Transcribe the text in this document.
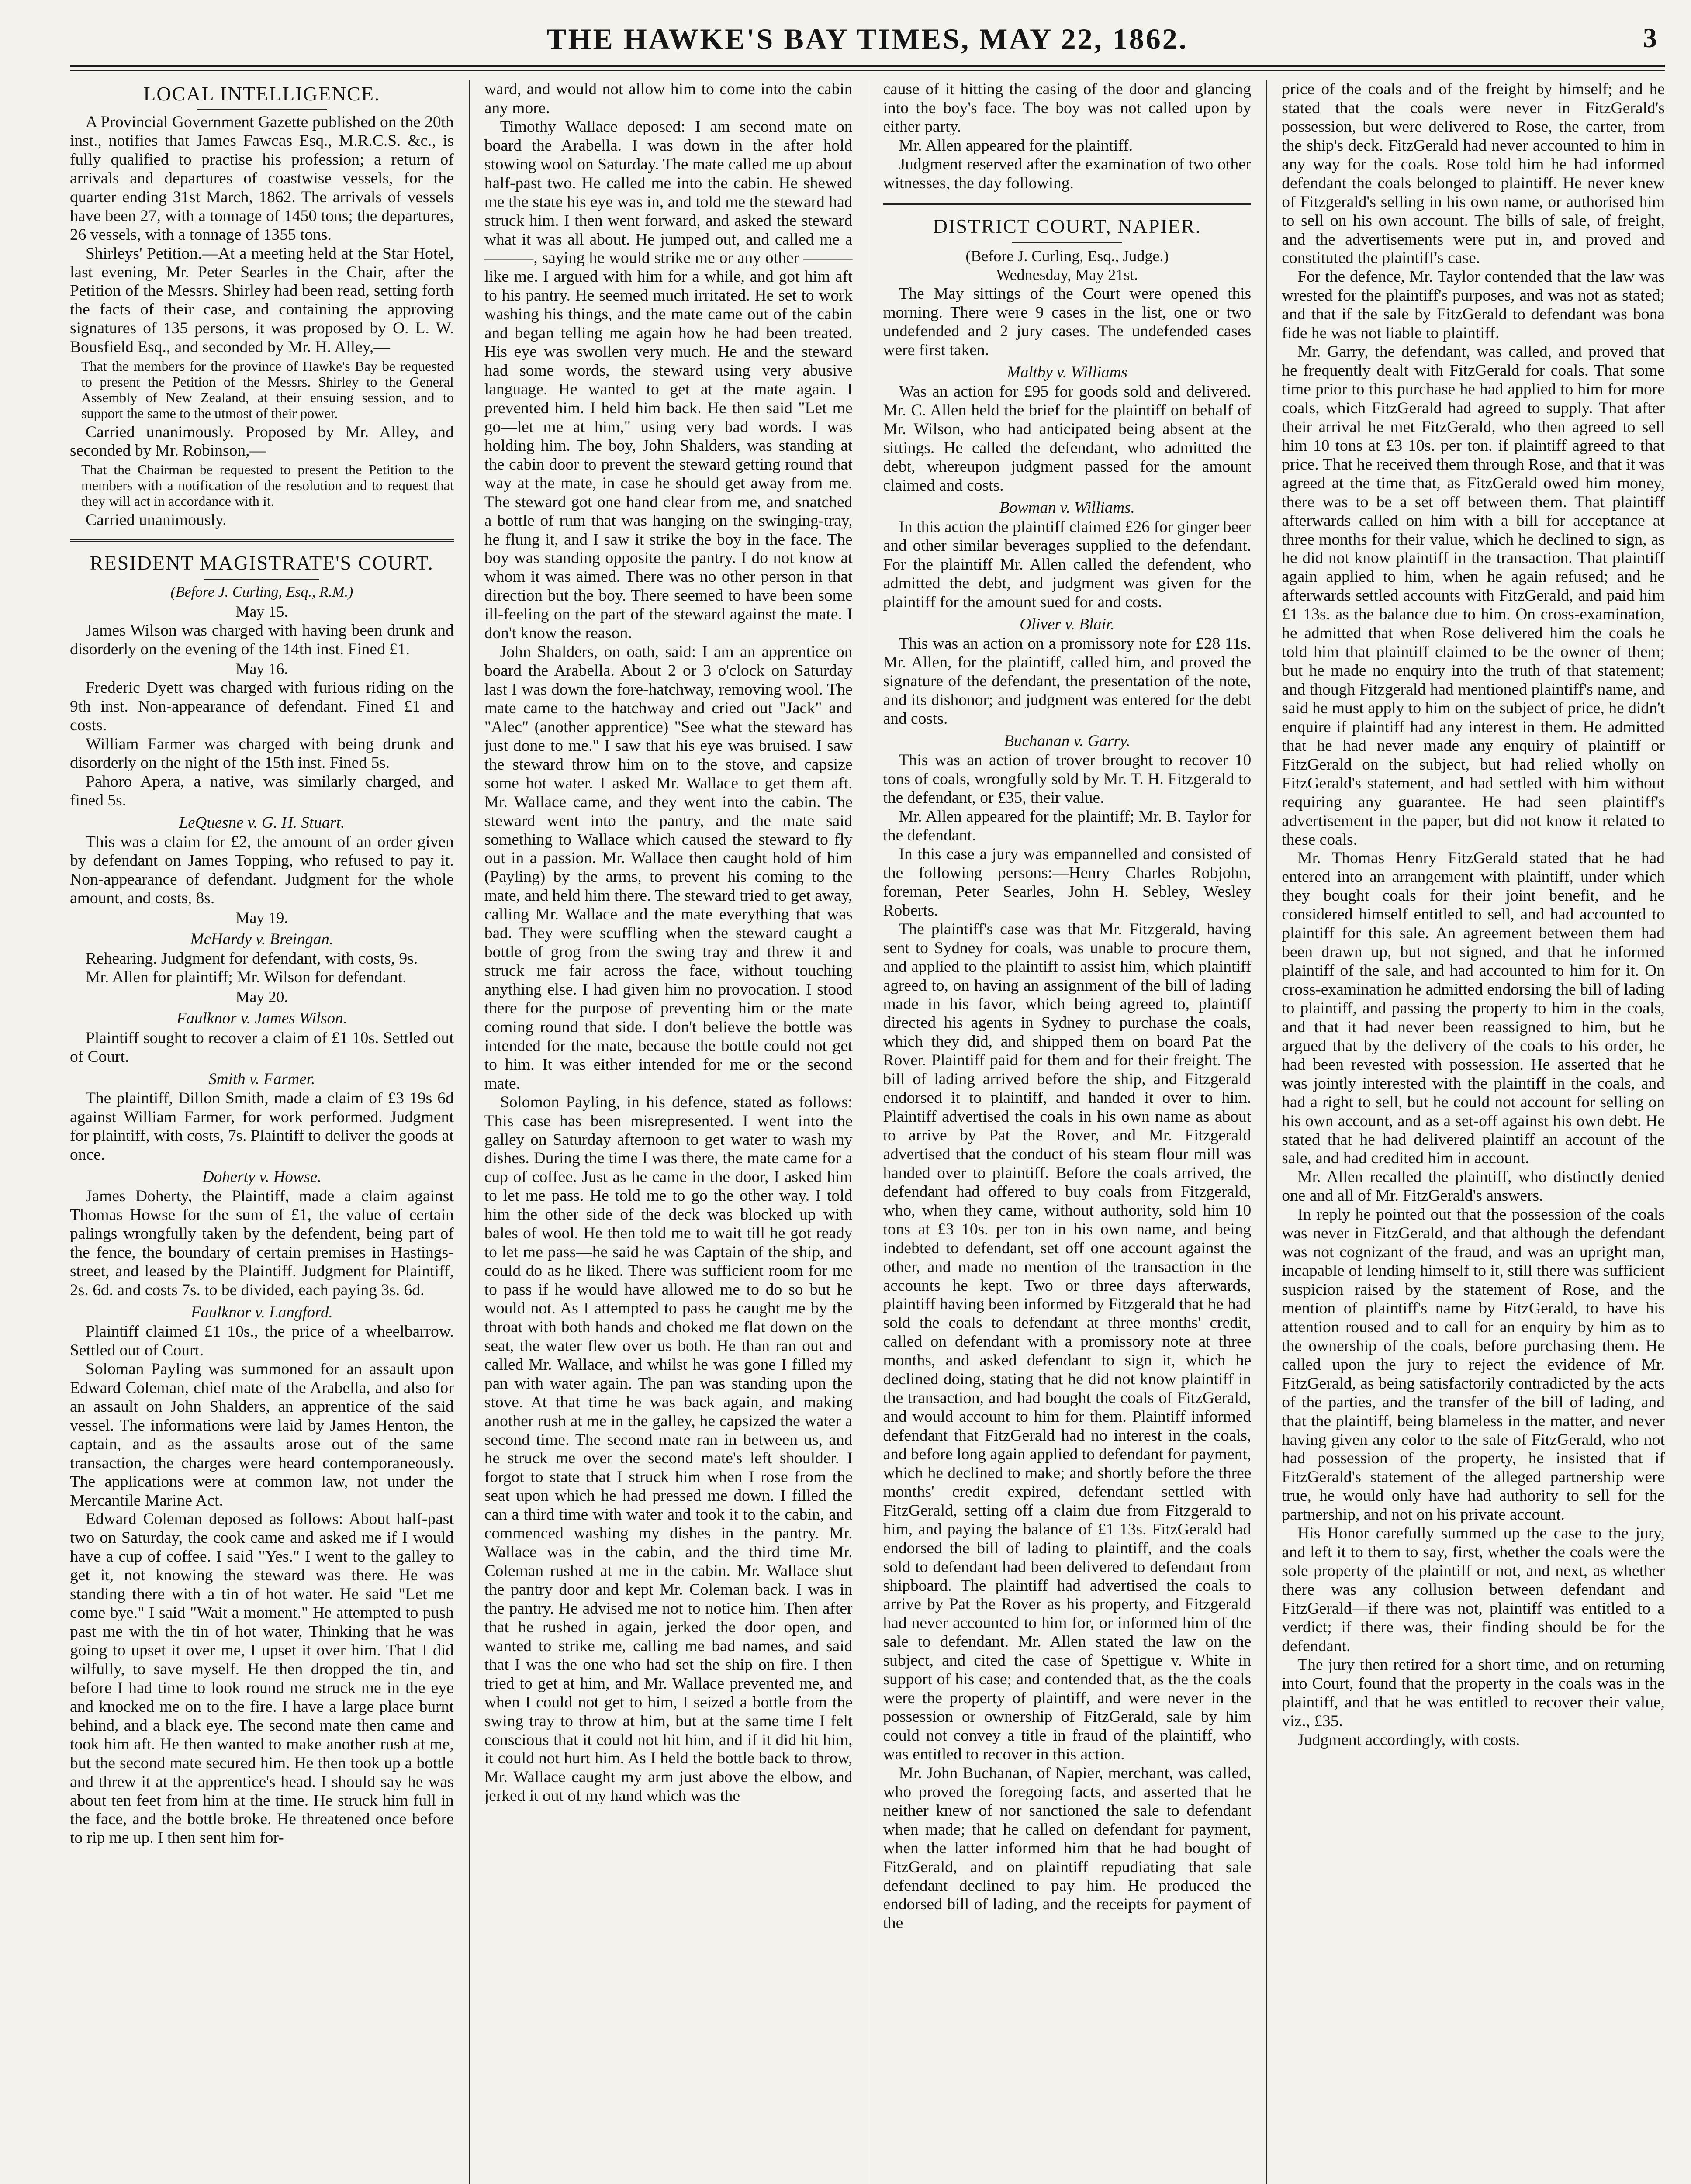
THE HAWKE'S BAY TIMES, MAY 22, 1862.	3
LOCAL INTELLIGENCE.

A Provincial Government Gazette published on the 20th inst., notifies that James Fawcas Esq., M.R.C.S. &c., is fully qualified to practise his profession; a return of arrivals and departures of coastwise vessels, for the quarter ending 31st March, 1862. The arrivals of vessels have been 27, with a tonnage of 1450 tons; the departures, 26 vessels, with a tonnage of 1355 tons.

Shirleys' Petition.—At a meeting held at the Star Hotel, last evening, Mr. Peter Searles in the Chair, after the Petition of the Messrs. Shirley had been read, setting forth the facts of their case, and containing the approving signatures of 135 persons, it was proposed by O. L. W. Bousfield Esq., and seconded by Mr. H. Alley,—

That the members for the province of Hawke's Bay be requested to present the Petition of the Messrs. Shirley to the General Assembly of New Zealand, at their ensuing session, and to support the same to the utmost of their power.

Carried unanimously. Proposed by Mr. Alley, and seconded by Mr. Robinson,—

That the Chairman be requested to present the Petition to the members with a notification of the resolution and to request that they will act in accordance with it.

Carried unanimously.

RESIDENT MAGISTRATE'S COURT.

(Before J. Curling, Esq., R.M.)

May 15.

James Wilson was charged with having been drunk and disorderly on the evening of the 14th inst. Fined £1.

May 16.

Frederic Dyett was charged with furious riding on the 9th inst. Non-appearance of defendant. Fined £1 and costs.

William Farmer was charged with being drunk and disorderly on the night of the 15th inst. Fined 5s.

Pahoro Apera, a native, was similarly charged, and fined 5s.

LeQuesne v. G. H. Stuart.

This was a claim for £2, the amount of an order given by defendant on James Topping, who refused to pay it. Non-appearance of defendant. Judgment for the whole amount, and costs, 8s.

May 19.

McHardy v. Breingan.

Rehearing. Judgment for defendant, with costs, 9s.

Mr. Allen for plaintiff; Mr. Wilson for defendant.

May 20.

Faulknor v. James Wilson.

Plaintiff sought to recover a claim of £1 10s. Settled out of Court.

Smith v. Farmer.

The plaintiff, Dillon Smith, made a claim of £3 19s 6d against William Farmer, for work performed. Judgment for plaintiff, with costs, 7s. Plaintiff to deliver the goods at once.

Doherty v. Howse.

James Doherty, the Plaintiff, made a claim against Thomas Howse for the sum of £1, the value of certain palings wrongfully taken by the defendent, being part of the fence, the boundary of certain premises in Hastings-street, and leased by the Plaintiff. Judgment for Plaintiff, 2s. 6d. and costs 7s. to be divided, each paying 3s. 6d.

Faulknor v. Langford.

Plaintiff claimed £1 10s., the price of a wheelbarrow. Settled out of Court.

Soloman Payling was summoned for an assault upon Edward Coleman, chief mate of the Arabella, and also for an assault on John Shalders, an apprentice of the said vessel. The informations were laid by James Henton, the captain, and as the assaults arose out of the same transaction, the charges were heard contemporaneously. The applications were at common law, not under the Mercantile Marine Act.

Edward Coleman deposed as follows: About half-past two on Saturday, the cook came and asked me if I would have a cup of coffee. I said "Yes." I went to the galley to get it, not knowing the steward was there. He was standing there with a tin of hot water. He said "Let me come bye." I said "Wait a moment." He attempted to push past me with the tin of hot water, Thinking that he was going to upset it over me, I upset it over him. That I did wilfully, to save myself. He then dropped the tin, and before I had time to look round me struck me in the eye and knocked me on to the fire. I have a large place burnt behind, and a black eye. The second mate then came and took him aft. He then wanted to make another rush at me, but the second mate secured him. He then took up a bottle and threw it at the apprentice's head. I should say he was about ten feet from him at the time. He struck him full in the face, and the bottle broke. He threatened once before to rip me up. I then sent him for-

ward, and would not allow him to come into the cabin any more.

Timothy Wallace deposed: I am second mate on board the Arabella. I was down in the after hold stowing wool on Saturday. The mate called me up about half-past two. He called me into the cabin. He shewed me the state his eye was in, and told me the steward had struck him. I then went forward, and asked the steward what it was all about. He jumped out, and called me a ———, saying he would strike me or any other ——— like me. I argued with him for a while, and got him aft to his pantry. He seemed much irritated. He set to work washing his things, and the mate came out of the cabin and began telling me again how he had been treated. His eye was swollen very much. He and the steward had some words, the steward using very abusive language. He wanted to get at the mate again. I prevented him. I held him back. He then said "Let me go—let me at him," using very bad words. I was holding him. The boy, John Shalders, was standing at the cabin door to prevent the steward getting round that way at the mate, in case he should get away from me. The steward got one hand clear from me, and snatched a bottle of rum that was hanging on the swinging-tray, he flung it, and I saw it strike the boy in the face. The boy was standing opposite the pantry. I do not know at whom it was aimed. There was no other person in that direction but the boy. There seemed to have been some ill-feeling on the part of the steward against the mate. I don't know the reason.

John Shalders, on oath, said: I am an apprentice on board the Arabella. About 2 or 3 o'clock on Saturday last I was down the fore-hatchway, removing wool. The mate came to the hatchway and cried out "Jack" and "Alec" (another apprentice) "See what the steward has just done to me." I saw that his eye was bruised. I saw the steward throw him on to the stove, and capsize some hot water. I asked Mr. Wallace to get them aft. Mr. Wallace came, and they went into the cabin. The steward went into the pantry, and the mate said something to Wallace which caused the steward to fly out in a passion. Mr. Wallace then caught hold of him (Payling) by the arms, to prevent his coming to the mate, and held him there. The steward tried to get away, calling Mr. Wallace and the mate everything that was bad. They were scuffling when the steward caught a bottle of grog from the swing tray and threw it and struck me fair across the face, without touching anything else. I had given him no provocation. I stood there for the purpose of preventing him or the mate coming round that side. I don't believe the bottle was intended for the mate, because the bottle could not get to him. It was either intended for me or the second mate.

Solomon Payling, in his defence, stated as follows: This case has been misrepresented. I went into the galley on Saturday afternoon to get water to wash my dishes. During the time I was there, the mate came for a cup of coffee. Just as he came in the door, I asked him to let me pass. He told me to go the other way. I told him the other side of the deck was blocked up with bales of wool. He then told me to wait till he got ready to let me pass—he said he was Captain of the ship, and could do as he liked. There was sufficient room for me to pass if he would have allowed me to do so but he would not. As I attempted to pass he caught me by the throat with both hands and choked me flat down on the seat, the water flew over us both. He than ran out and called Mr. Wallace, and whilst he was gone I filled my pan with water again. The pan was standing upon the stove. At that time he was back again, and making another rush at me in the galley, he capsized the water a second time. The second mate ran in between us, and he struck me over the second mate's left shoulder. I forgot to state that I struck him when I rose from the seat upon which he had pressed me down. I filled the can a third time with water and took it to the cabin, and commenced washing my dishes in the pantry. Mr. Wallace was in the cabin, and the third time Mr. Coleman rushed at me in the cabin. Mr. Wallace shut the pantry door and kept Mr. Coleman back. I was in the pantry. He advised me not to notice him. Then after that he rushed in again, jerked the door open, and wanted to strike me, calling me bad names, and said that I was the one who had set the ship on fire. I then tried to get at him, and Mr. Wallace prevented me, and when I could not get to him, I seized a bottle from the swing tray to throw at him, but at the same time I felt conscious that it could not hit him, and if it did hit him, it could not hurt him. As I held the bottle back to throw, Mr. Wallace caught my arm just above the elbow, and jerked it out of my hand which was the

cause of it hitting the casing of the door and glancing into the boy's face. The boy was not called upon by either party.

Mr. Allen appeared for the plaintiff.

Judgment reserved after the examination of two other witnesses, the day following.

DISTRICT COURT, NAPIER.

(Before J. Curling, Esq., Judge.)

Wednesday, May 21st.

The May sittings of the Court were opened this morning. There were 9 cases in the list, one or two undefended and 2 jury cases. The undefended cases were first taken.

Maltby v. Williams

Was an action for £95 for goods sold and delivered. Mr. C. Allen held the brief for the plaintiff on behalf of Mr. Wilson, who had anticipated being absent at the sittings. He called the defendant, who admitted the debt, whereupon judgment passed for the amount claimed and costs.

Bowman v. Williams.

In this action the plaintiff claimed £26 for ginger beer and other similar beverages supplied to the defendant. For the plaintiff Mr. Allen called the defendent, who admitted the debt, and judgment was given for the plaintiff for the amount sued for and costs.

Oliver v. Blair.

This was an action on a promissory note for £28 11s. Mr. Allen, for the plaintiff, called him, and proved the signature of the defendant, the presentation of the note, and its dishonor; and judgment was entered for the debt and costs.

Buchanan v. Garry.

This was an action of trover brought to recover 10 tons of coals, wrongfully sold by Mr. T. H. Fitzgerald to the defendant, or £35, their value.

Mr. Allen appeared for the plaintiff; Mr. B. Taylor for the defendant.

In this case a jury was empannelled and consisted of the following persons:—Henry Charles Robjohn, foreman, Peter Searles, John H. Sebley, Wesley Roberts.

The plaintiff's case was that Mr. Fitzgerald, having sent to Sydney for coals, was unable to procure them, and applied to the plaintiff to assist him, which plaintiff agreed to, on having an assignment of the bill of lading made in his favor, which being agreed to, plaintiff directed his agents in Sydney to purchase the coals, which they did, and shipped them on board Pat the Rover. Plaintiff paid for them and for their freight. The bill of lading arrived before the ship, and Fitzgerald endorsed it to plaintiff, and handed it over to him. Plaintiff advertised the coals in his own name as about to arrive by Pat the Rover, and Mr. Fitzgerald advertised that the conduct of his steam flour mill was handed over to plaintiff. Before the coals arrived, the defendant had offered to buy coals from Fitzgerald, who, when they came, without authority, sold him 10 tons at £3 10s. per ton in his own name, and being indebted to defendant, set off one account against the other, and made no mention of the transaction in the accounts he kept. Two or three days afterwards, plaintiff having been informed by Fitzgerald that he had sold the coals to defendant at three months' credit, called on defendant with a promissory note at three months, and asked defendant to sign it, which he declined doing, stating that he did not know plaintiff in the transaction, and had bought the coals of FitzGerald, and would account to him for them. Plaintiff informed defendant that FitzGerald had no interest in the coals, and before long again applied to defendant for payment, which he declined to make; and shortly before the three months' credit expired, defendant settled with FitzGerald, setting off a claim due from Fitzgerald to him, and paying the balance of £1 13s. FitzGerald had endorsed the bill of lading to plaintiff, and the coals sold to defendant had been delivered to defendant from shipboard. The plaintiff had advertised the coals to arrive by Pat the Rover as his property, and Fitzgerald had never accounted to him for, or informed him of the sale to defendant. Mr. Allen stated the law on the subject, and cited the case of Spettigue v. White in support of his case; and contended that, as the the coals were the property of plaintiff, and were never in the possession or ownership of FitzGerald, sale by him could not convey a title in fraud of the plaintiff, who was entitled to recover in this action.

Mr. John Buchanan, of Napier, merchant, was called, who proved the foregoing facts, and asserted that he neither knew of nor sanctioned the sale to defendant when made; that he called on defendant for payment, when the latter informed him that he had bought of FitzGerald, and on plaintiff repudiating that sale defendant declined to pay him. He produced the endorsed bill of lading, and the receipts for payment of the

price of the coals and of the freight by himself; and he stated that the coals were never in FitzGerald's possession, but were delivered to Rose, the carter, from the ship's deck. FitzGerald had never accounted to him in any way for the coals. Rose told him he had informed defendant the coals belonged to plaintiff. He never knew of Fitzgerald's selling in his own name, or authorised him to sell on his own account. The bills of sale, of freight, and the advertisements were put in, and proved and constituted the plaintiff's case.

For the defence, Mr. Taylor contended that the law was wrested for the plaintiff's purposes, and was not as stated; and that if the sale by FitzGerald to defendant was bona fide he was not liable to plaintiff.

Mr. Garry, the defendant, was called, and proved that he frequently dealt with FitzGerald for coals. That some time prior to this purchase he had applied to him for more coals, which FitzGerald had agreed to supply. That after their arrival he met FitzGerald, who then agreed to sell him 10 tons at £3 10s. per ton. if plaintiff agreed to that price. That he received them through Rose, and that it was agreed at the time that, as FitzGerald owed him money, there was to be a set off between them. That plaintiff afterwards called on him with a bill for acceptance at three months for their value, which he declined to sign, as he did not know plaintiff in the transaction. That plaintiff again applied to him, when he again refused; and he afterwards settled accounts with FitzGerald, and paid him £1 13s. as the balance due to him. On cross-examination, he admitted that when Rose delivered him the coals he told him that plaintiff claimed to be the owner of them; but he made no enquiry into the truth of that statement; and though Fitzgerald had mentioned plaintiff's name, and said he must apply to him on the subject of price, he didn't enquire if plaintiff had any interest in them. He admitted that he had never made any enquiry of plaintiff or FitzGerald on the subject, but had relied wholly on FitzGerald's statement, and had settled with him without requiring any guarantee. He had seen plaintiff's advertisement in the paper, but did not know it related to these coals.

Mr. Thomas Henry FitzGerald stated that he had entered into an arrangement with plaintiff, under which they bought coals for their joint benefit, and he considered himself entitled to sell, and had accounted to plaintiff for this sale. An agreement between them had been drawn up, but not signed, and that he informed plaintiff of the sale, and had accounted to him for it. On cross-examination he admitted endorsing the bill of lading to plaintiff, and passing the property to him in the coals, and that it had never been reassigned to him, but he argued that by the delivery of the coals to his order, he had been revested with possession. He asserted that he was jointly interested with the plaintiff in the coals, and had a right to sell, but he could not account for selling on his own account, and as a set-off against his own debt. He stated that he had delivered plaintiff an account of the sale, and had credited him in account.

Mr. Allen recalled the plaintiff, who distinctly denied one and all of Mr. FitzGerald's answers.

In reply he pointed out that the possession of the coals was never in FitzGerald, and that although the defendant was not cognizant of the fraud, and was an upright man, incapable of lending himself to it, still there was sufficient suspicion raised by the statement of Rose, and the mention of plaintiff's name by FitzGerald, to have his attention roused and to call for an enquiry by him as to the ownership of the coals, before purchasing them. He called upon the jury to reject the evidence of Mr. FitzGerald, as being satisfactorily contradicted by the acts of the parties, and the transfer of the bill of lading, and that the plaintiff, being blameless in the matter, and never having given any color to the sale of FitzGerald, who not had possession of the property, he insisted that if FitzGerald's statement of the alleged partnership were true, he would only have had authority to sell for the partnership, and not on his private account.

His Honor carefully summed up the case to the jury, and left it to them to say, first, whether the coals were the sole property of the plaintiff or not, and next, as whether there was any collusion between defendant and FitzGerald—if there was not, plaintiff was entitled to a verdict; if there was, their finding should be for the defendant.

The jury then retired for a short time, and on returning into Court, found that the property in the coals was in the plaintiff, and that he was entitled to recover their value, viz., £35.

Judgment accordingly, with costs.
